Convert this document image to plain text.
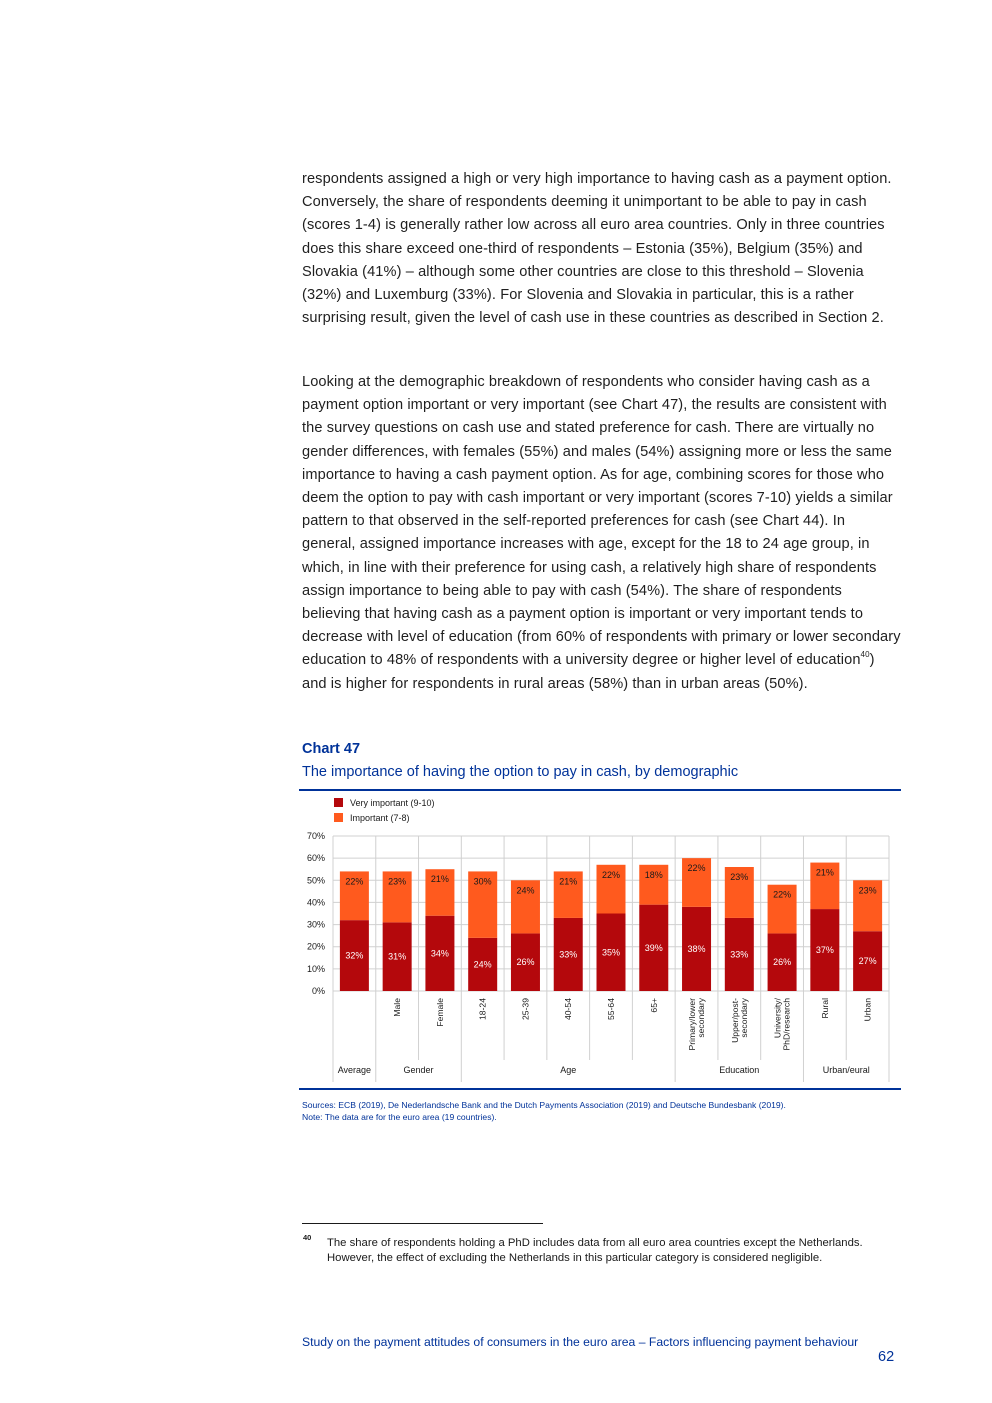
respondents assigned a high or very high importance to having cash as a payment option. Conversely, the share of respondents deeming it unimportant to be able to pay in cash (scores 1-4) is generally rather low across all euro area countries. Only in three countries does this share exceed one-third of respondents – Estonia (35%), Belgium (35%) and Slovakia (41%) – although some other countries are close to this threshold – Slovenia (32%) and Luxemburg (33%). For Slovenia and Slovakia in particular, this is a rather surprising result, given the level of cash use in these countries as described in Section 2.

Looking at the demographic breakdown of respondents who consider having cash as a payment option important or very important (see Chart 47), the results are consistent with the survey questions on cash use and stated preference for cash. There are virtually no gender differences, with females (55%) and males (54%) assigning more or less the same importance to having a cash payment option. As for age, combining scores for those who deem the option to pay with cash important or very important (scores 7-10) yields a similar pattern to that observed in the self-reported preferences for cash (see Chart 44). In general, assigned importance increases with age, except for the 18 to 24 age group, in which, in line with their preference for using cash, a relatively high share of respondents assign importance to being able to pay with cash (54%). The share of respondents believing that having cash as a payment option is important or very important tends to decrease with level of education (from 60% of respondents with primary or lower secondary education to 48% of respondents with a university degree or higher level of education$^{40}$) and is higher for respondents in rural areas (58%) than in urban areas (50%).

Chart 47
The importance of having the option to pay in cash, by demographic
Very important (9-10)
Important (7-8)
0%
10%
20%
30%
40%
50%
60%
70%
32%
22%
31%
23%
34%
21%
24%
30%
26%
24%
33%
21%
35%
22%
39%
18%
38%
22%
33%
23%
26%
22%
37%
21%
27%
23%
Male	Female	18-24	25-39	40-54	55-64	65+	Primary/lower secondary	Upper/post- secondary	University/ PhD/research	Rural	Urban
Average	Gender	Age	Education	Urban/eural
Sources: ECB (2019), De Nederlandsche Bank and the Dutch Payments Association (2019) and Deutsche Bundesbank (2019).
Note: The data are for the euro area (19 countries).
40 The share of respondents holding a PhD includes data from all euro area countries except the Netherlands. However, the effect of excluding the Netherlands in this particular category is considered negligible.
Study on the payment attitudes of consumers in the euro area – Factors influencing payment behaviour
62
